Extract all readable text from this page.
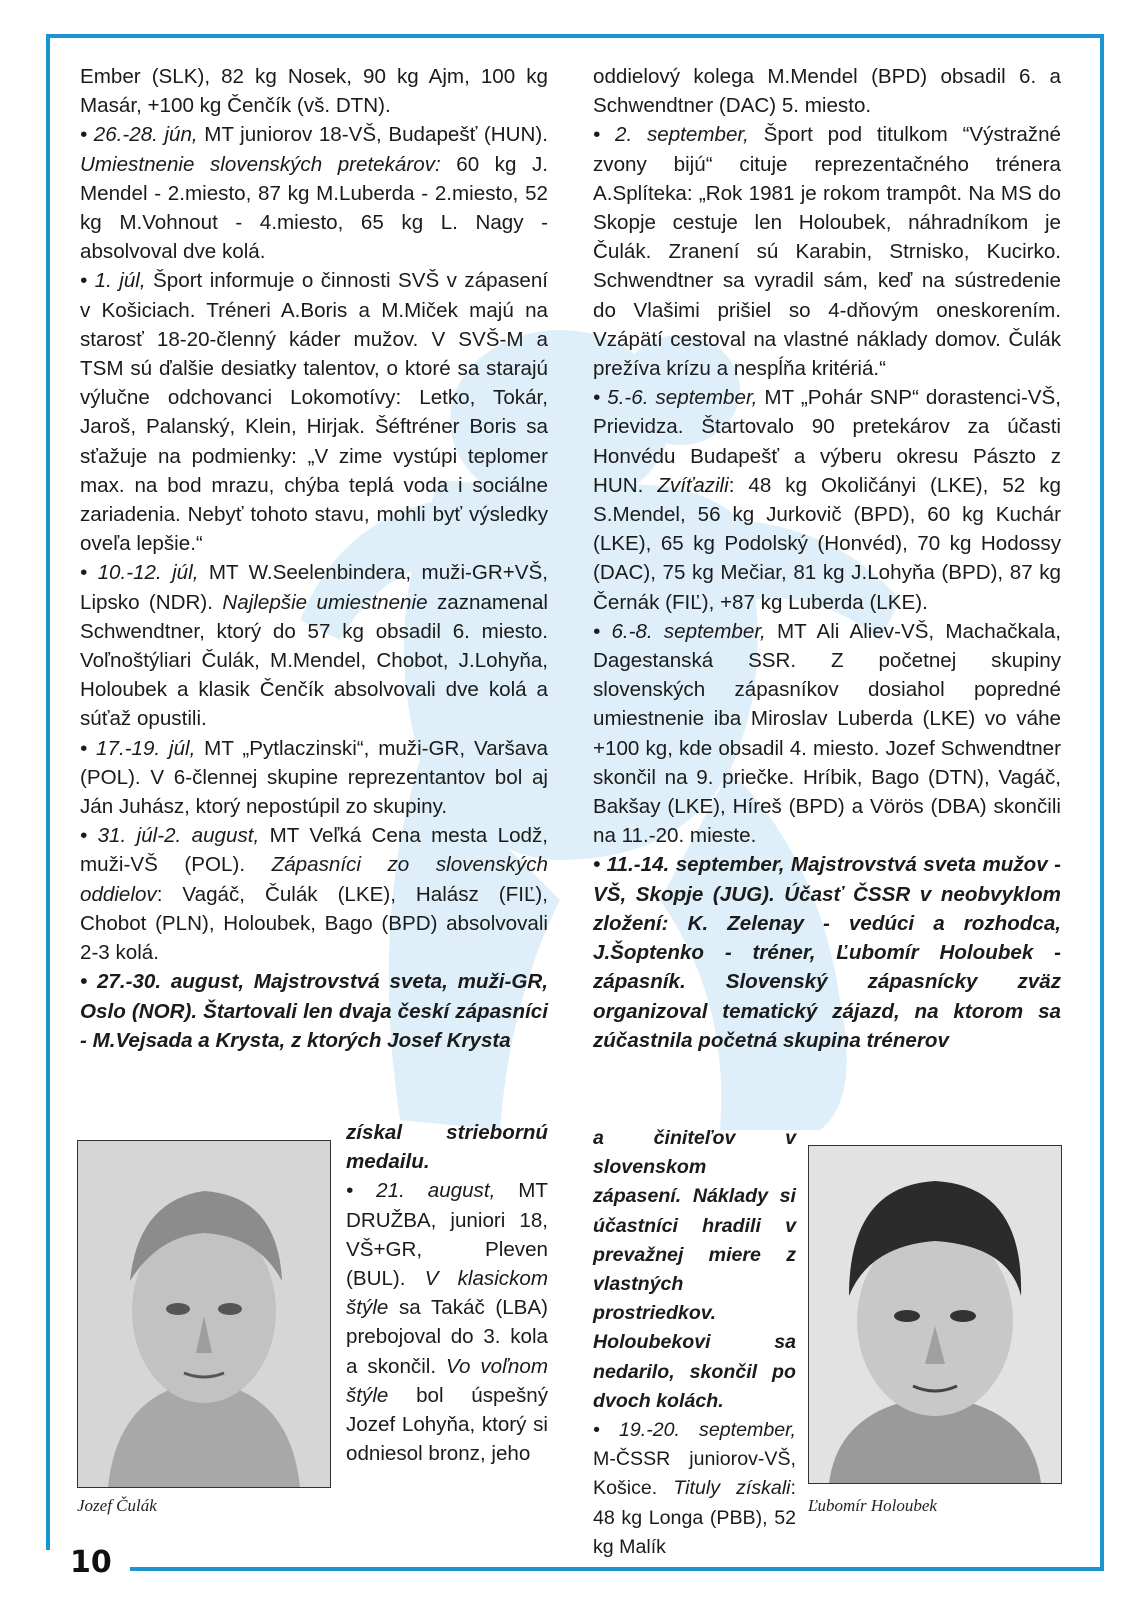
10

Ember (SLK), 82 kg Nosek, 90 kg Ajm, 100 kg Masár, +100 kg Čenčík (vš. DTN).

• 26.-28. jún, MT juniorov 18-VŠ, Budapešť (HUN). Umiestnenie slovenských pretekárov: 60 kg J. Mendel - 2.miesto, 87 kg M.Luberda - 2.miesto, 52 kg M.Vohnout - 4.miesto, 65 kg L. Nagy - absolvoval dve kolá.

• 1. júl, Šport informuje o činnosti SVŠ v zápasení v Košiciach. Tréneri A.Boris a M.Miček majú na starosť 18-20-členný káder mužov. V SVŠ-M a TSM sú ďalšie desiatky talentov, o ktoré sa starajú výlučne odchovanci Lokomotívy: Letko, Tokár, Jaroš, Palanský, Klein, Hirjak. Šéftréner Boris sa sťažuje na podmienky: „V zime vystúpi teplomer max. na bod mrazu, chýba teplá voda i sociálne zariadenia. Nebyť tohoto stavu, mohli byť výsledky oveľa lepšie.“

• 10.-12. júl, MT W.Seelenbindera, muži-GR+VŠ, Lipsko (NDR). Najlepšie umiestnenie zaznamenal Schwendtner, ktorý do 57 kg obsadil 6. miesto. Voľnoštýliari Čulák, M.Mendel, Chobot, J.Lohyňa, Holoubek a klasik Čenčík absolvovali dve kolá a súťaž opustili.

• 17.-19. júl, MT „Pytlaczinski“, muži-GR, Varšava (POL). V 6-člennej skupine reprezentantov bol aj Ján Juhász, ktorý nepostúpil zo skupiny.

• 31. júl-2. august, MT Veľká Cena mesta Lodž, muži-VŠ (POL). Zápasníci zo slovenských oddielov: Vagáč, Čulák (LKE), Halász (FIĽ), Chobot (PLN), Holoubek, Bago (BPD) absolvovali 2-3 kolá.

• 27.-30. august, Majstrovstvá sveta, muži-GR, Oslo (NOR). Štartovali len dvaja českí zápasníci - M.Vejsada a Krysta, z ktorých Josef Krysta

Jozef Čulák

získal striebornú medailu.

• 21. august, MT DRUŽBA, juniori 18, VŠ+GR, Pleven (BUL). V klasickom štýle sa Takáč (LBA) prebojoval do 3. kola a skončil. Vo voľnom štýle bol úspešný Jozef Lohyňa, ktorý si odniesol bronz, jeho

oddielový kolega M.Mendel (BPD) obsadil 6. a Schwendtner (DAC) 5. miesto.

• 2. september, Šport pod titulkom “Výstražné zvony bijú“ cituje reprezentačného trénera A.Splíteka: „Rok 1981 je rokom trampôt. Na MS do Skopje cestuje len Holoubek, náhradníkom je Čulák. Zranení sú Karabin, Strnisko, Kucirko. Schwendtner sa vyradil sám, keď na sústredenie do Vlašimi prišiel so 4-dňovým oneskorením. Vzápätí cestoval na vlastné náklady domov. Čulák prežíva krízu a nespĺňa kritériá.“

• 5.-6. september, MT „Pohár SNP“ dorastenci-VŠ, Prievidza. Štartovalo 90 pretekárov za účasti Honvédu Budapešť a výberu okresu Pászto z HUN. Zvíťazili: 48 kg Okoličányi (LKE), 52 kg S.Mendel, 56 kg Jurkovič (BPD), 60 kg Kuchár (LKE), 65 kg Podolský (Honvéd), 70 kg Hodossy (DAC), 75 kg Mečiar, 81 kg J.Lohyňa (BPD), 87 kg Černák (FIĽ), +87 kg Luberda (LKE).

• 6.-8. september, MT Ali Aliev-VŠ, Machačkala, Dagestanská SSR. Z početnej skupiny slovenských zápasníkov dosiahol popredné umiestnenie iba Miroslav Luberda (LKE) vo váhe +100 kg, kde obsadil 4. miesto. Jozef Schwendtner skončil na 9. priečke. Hríbik, Bago (DTN), Vagáč, Bakšay (LKE), Híreš (BPD) a Vörös (DBA) skončili na 11.-20. mieste.

• 11.-14. september, Majstrovstvá sveta mužov - VŠ, Skopje (JUG). Účasť ČSSR v neobvyklom zložení: K. Zelenay - vedúci a rozhodca, J.Šoptenko - tréner, Ľubomír Holoubek - zápasník. Slovenský zápasnícky zväz organizoval tematický zájazd, na ktorom sa zúčastnila početná skupina trénerov

a činiteľov v slovenskom zápasení. Náklady si účastníci hradili v prevažnej miere z vlastných prostriedkov. Holoubekovi sa nedarilo, skončil po dvoch kolách.

• 19.-20. september, M-ČSSR juniorov-VŠ, Košice. Tituly získali: 48 kg Longa (PBB), 52 kg Malík

Ľubomír Holoubek
